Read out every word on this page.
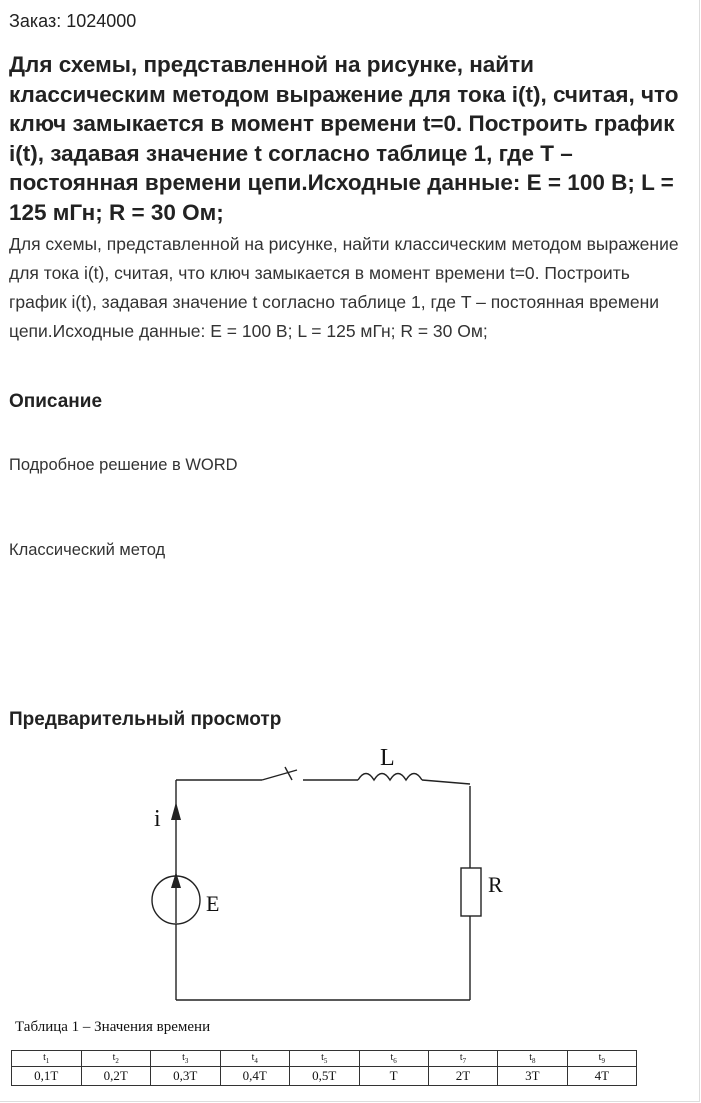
Заказ: 1024000
Для схемы, представленной на рисунке, найти классическим методом выражение для тока i(t), считая, что ключ замыкается в момент времени t=0. Построить график i(t), задавая значение t согласно таблице 1, где T – постоянная времени цепи.Исходные данные: E = 100 В; L = 125 мГн; R = 30 Ом;

Для схемы, представленной на рисунке, найти классическим методом выражение для тока i(t), считая, что ключ замыкается в момент времени t=0. Построить график i(t), задавая значение t согласно таблице 1, где T – постоянная времени цепи.Исходные данные: E = 100 В; L = 125 мГн; R = 30 Ом;

Описание

Подробное решение в WORD

Классический метод

Предварительный просмотр
L
R
E
i
Таблица 1 – Значения времени
$t_1$	$t_2$	$t_3$	$t_4$	$t_5$	$t_6$	$t_7$	$t_8$	$t_9$
0,1T	0,2T	0,3T	0,4T	0,5T	T	2T	3T	4T
